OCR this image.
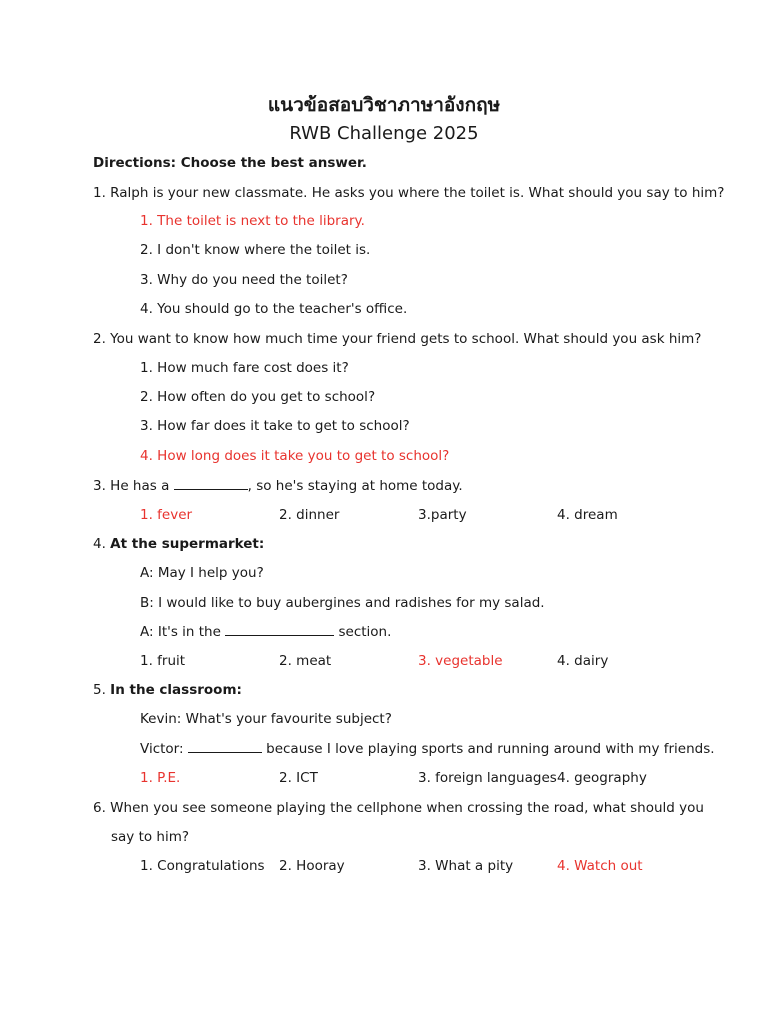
แนวข้อสอบวิชาภาษาอังกฤษ
RWB Challenge 2025
Directions: Choose the best answer.
1. Ralph is your new classmate. He asks you where the toilet is. What should you say to him?
1. The toilet is next to the library.
2. I don't know where the toilet is.
3. Why do you need the toilet?
4. You should go to the teacher's office.
2. You want to know how much time your friend gets to school. What should you ask him?
1. How much fare cost does it?
2. How often do you get to school?
3. How far does it take to get to school?
4. How long does it take you to get to school?
3. He has a	, so he's staying at home today.
1. fever	2. dinner	3.party	4. dream
4. At the supermarket:
A: May I help you?
B: I would like to buy aubergines and radishes for my salad.
A: It's in the	section.
1. fruit	2. meat	3. vegetable	4. dairy
5. In the classroom:
Kevin: What's your favourite subject?
Victor:	because I love playing sports and running around with my friends.
1. P.E.	2. ICT	3. foreign languages 4. geography
6. When you see someone playing the cellphone when crossing the road, what should you
say to him?
1. Congratulations 2. Hooray	3. What a pity	4. Watch out
